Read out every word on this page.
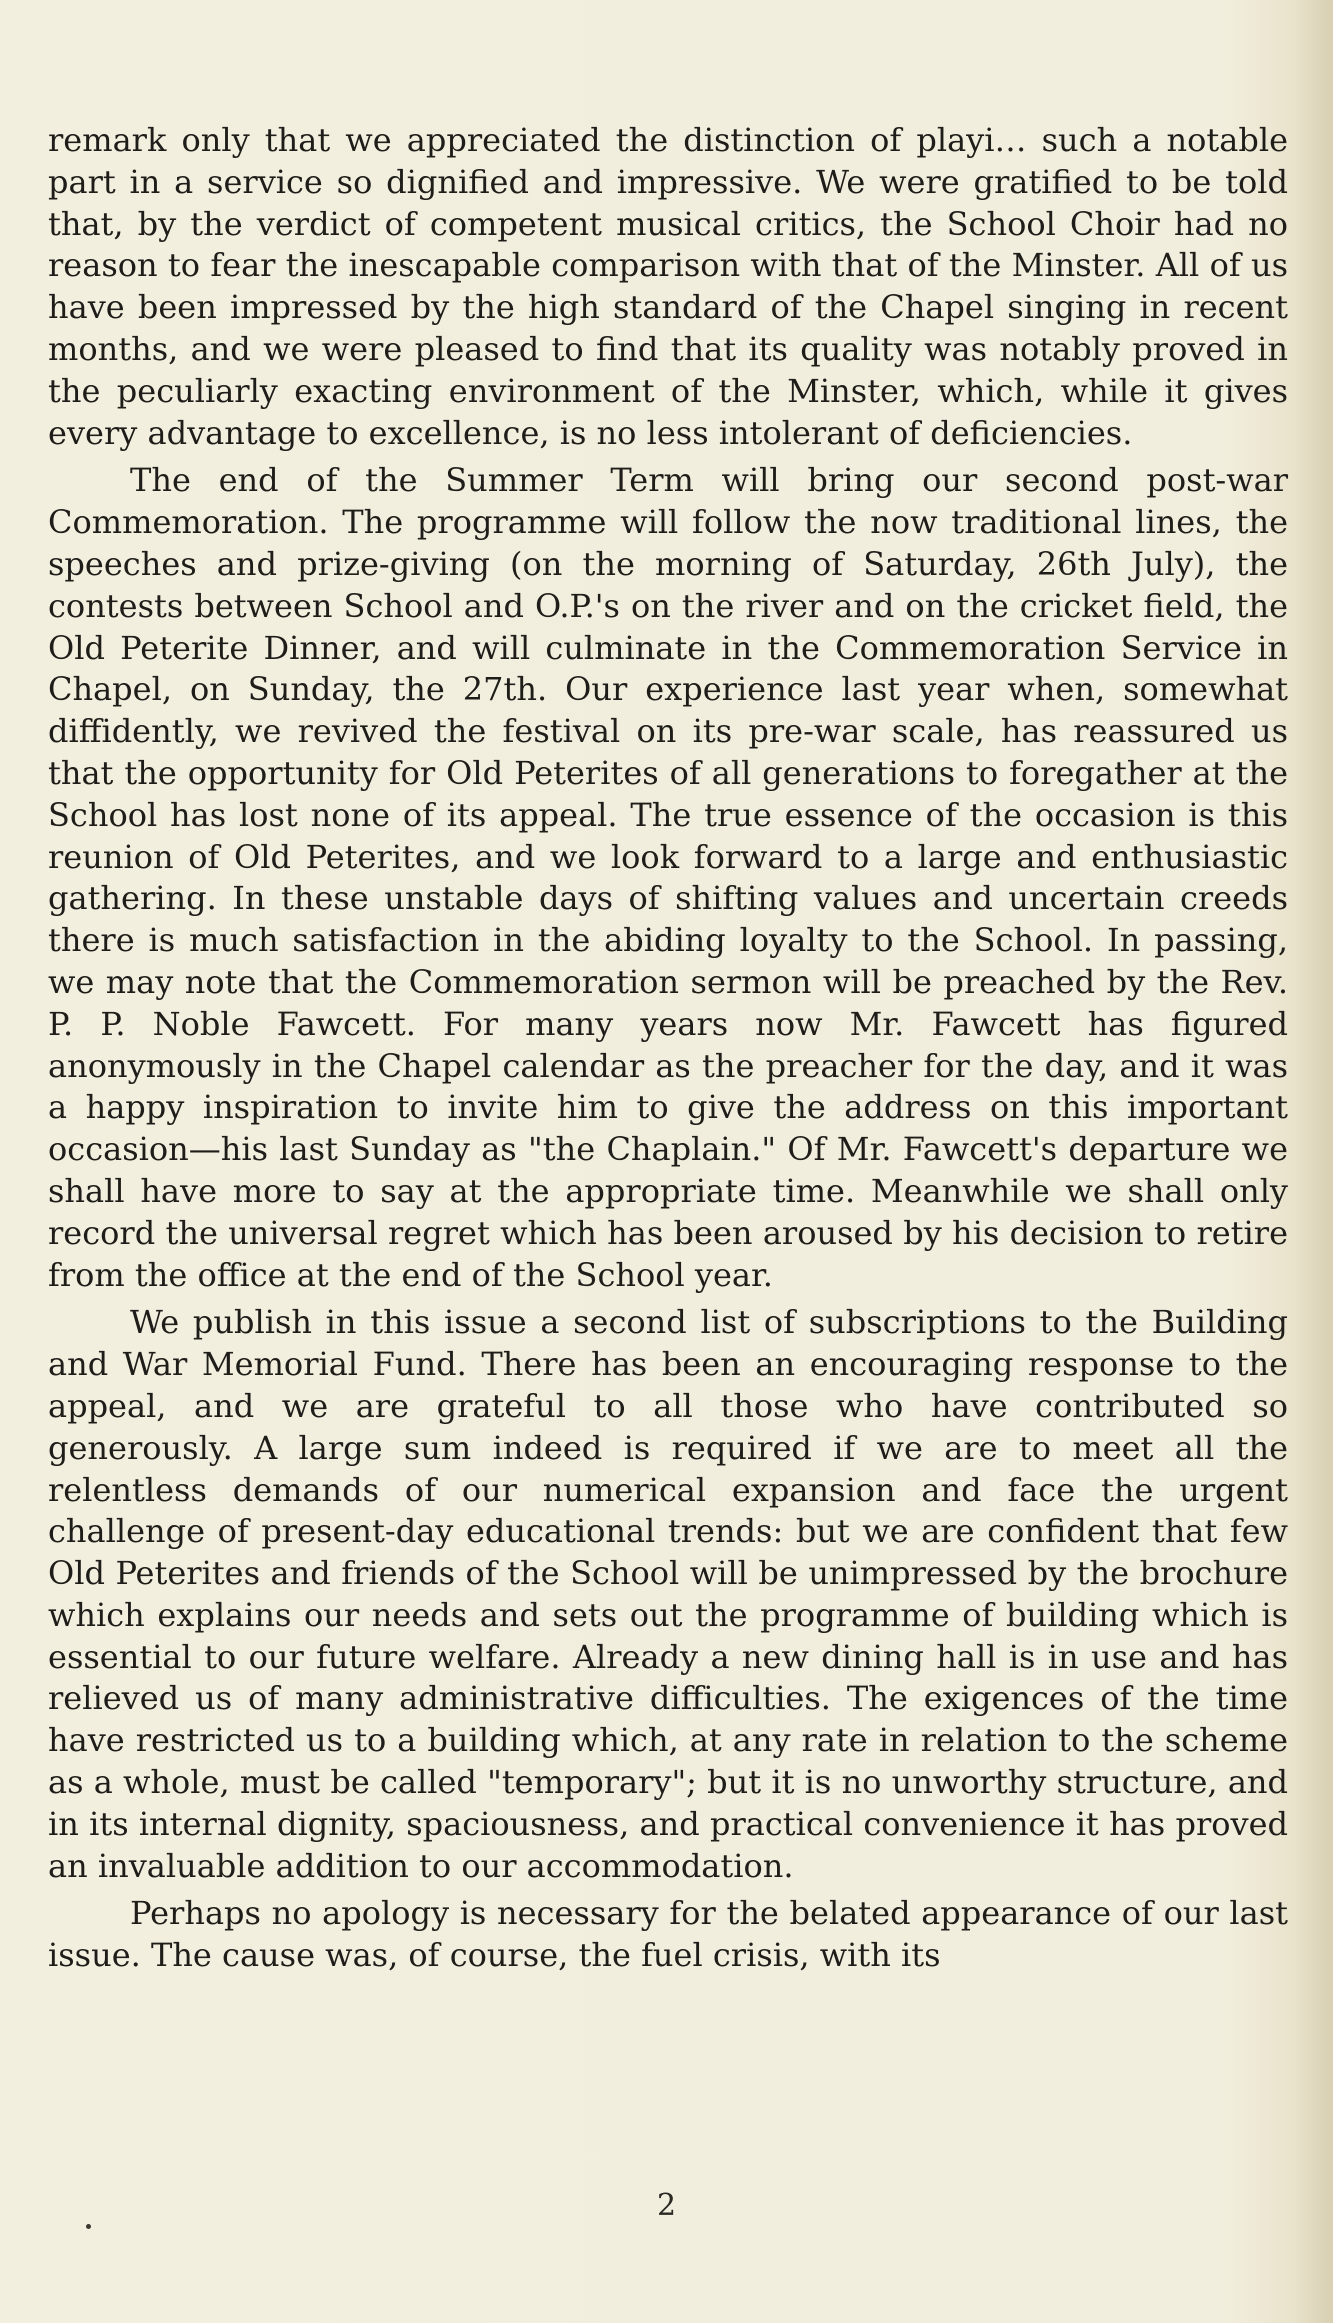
remark only that we appreciated the distinction of playi… such a notable part in a service so dignified and impressive. We were gratified to be told that, by the verdict of competent musical critics, the School Choir had no reason to fear the inescapable comparison with that of the Minster. All of us have been impressed by the high standard of the Chapel singing in recent months, and we were pleased to find that its quality was notably proved in the peculiarly exacting environment of the Minster, which, while it gives every advantage to excellence, is no less intolerant of deficiencies.

The end of the Summer Term will bring our second post-war Commemoration. The programme will follow the now traditional lines, the speeches and prize-giving (on the morning of Saturday, 26th July), the contests between School and O.P.'s on the river and on the cricket field, the Old Peterite Dinner, and will culminate in the Commemoration Service in Chapel, on Sunday, the 27th. Our experience last year when, somewhat diffidently, we revived the festival on its pre-war scale, has reassured us that the opportunity for Old Peterites of all generations to foregather at the School has lost none of its appeal. The true essence of the occasion is this reunion of Old Peterites, and we look forward to a large and enthusiastic gathering. In these unstable days of shifting values and uncertain creeds there is much satisfaction in the abiding loyalty to the School. In passing, we may note that the Commemoration sermon will be preached by the Rev. P. P. Noble Fawcett. For many years now Mr. Fawcett has figured anonymously in the Chapel calendar as the preacher for the day, and it was a happy inspiration to invite him to give the address on this important occasion—his last Sunday as "the Chaplain." Of Mr. Fawcett's departure we shall have more to say at the appropriate time. Meanwhile we shall only record the universal regret which has been aroused by his decision to retire from the office at the end of the School year.

We publish in this issue a second list of subscriptions to the Building and War Memorial Fund. There has been an encouraging response to the appeal, and we are grateful to all those who have contributed so generously. A large sum indeed is required if we are to meet all the relentless demands of our numerical expansion and face the urgent challenge of present-day educational trends: but we are confident that few Old Peterites and friends of the School will be unimpressed by the brochure which explains our needs and sets out the programme of building which is essential to our future welfare. Already a new dining hall is in use and has relieved us of many administrative difficulties. The exigences of the time have restricted us to a building which, at any rate in relation to the scheme as a whole, must be called "temporary"; but it is no unworthy structure, and in its internal dignity, spaciousness, and practical convenience it has proved an invaluable addition to our accommodation.

Perhaps no apology is necessary for the belated appearance of our last issue. The cause was, of course, the fuel crisis, with its

2
